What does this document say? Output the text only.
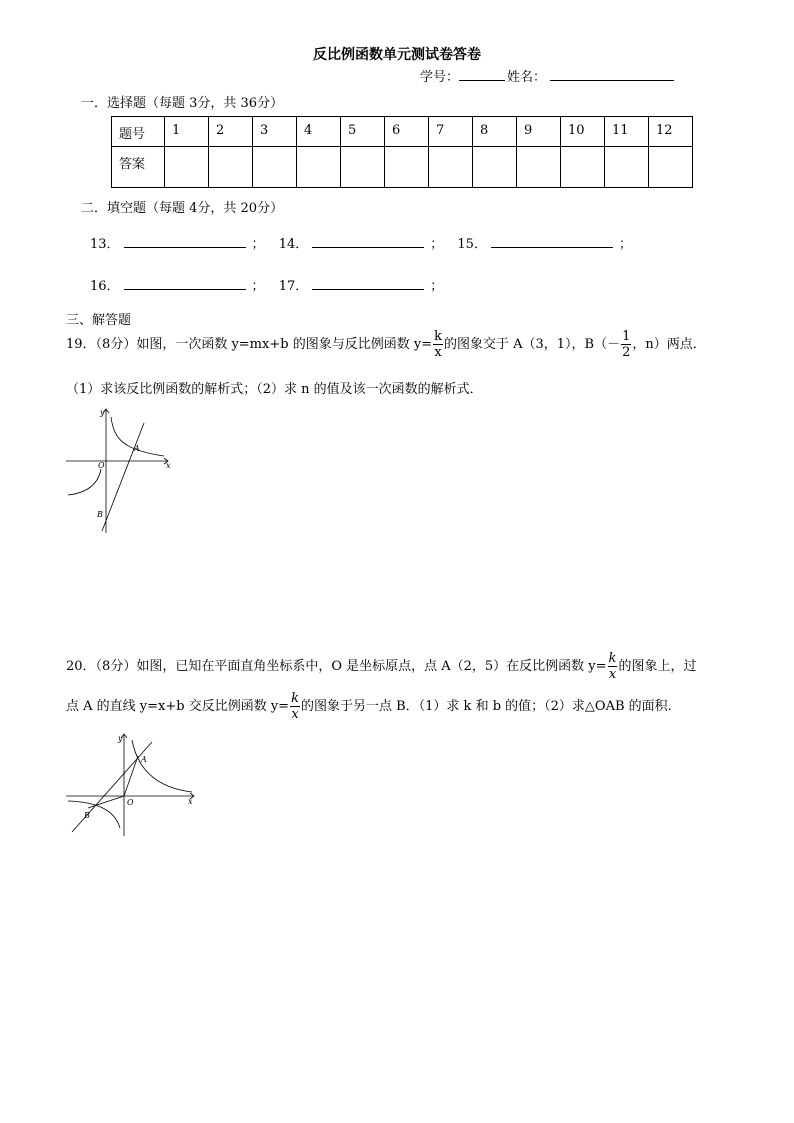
反比例函数单元测试卷答卷
学号：	姓名：
一．选择题（每题 3分，共 36分）
题号	1	2	3	4	5	6	7	8	9	10	11	12
答案												
二．填空题（每题 4分，共 20分）
13．	； 14．	； 15．	；
16．	； 17．	；
三、解答题
19．（8分）如图，一次函数 y=mx+b 的图象与反比例函数 $y= \frac{k}{x}$ 的图象交于 A（3，1），$B(- \frac{1}{2}$ ，n）两点．
（1）求该反比例函数的解析式；（2）求 n 的值及该一次函数的解析式．
y
x
O
A
B
20．（8分）如图，已知在平面直角坐标系中，O 是坐标原点，点 A（2，5）在反比例函数 $y= \frac{k}{x}$ 的图象上，过
点 A 的直线 y=x+b 交反比例函数 $y= \frac{k}{x}$ 的图象于另一点 B．（1）求 k 和 b 的值；（2）求△OAB 的面积．
y
x
O
A
B
